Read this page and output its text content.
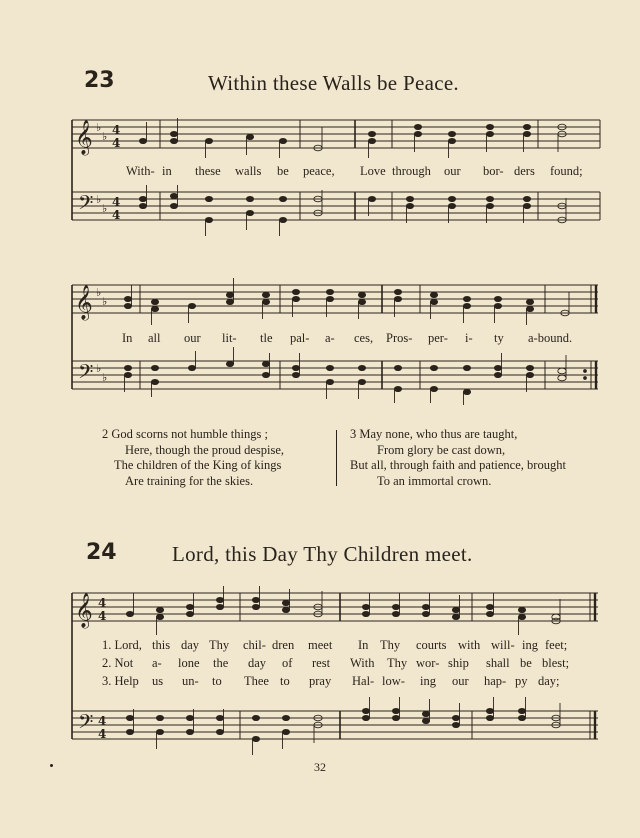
23	Within these Walls be Peace.
𝄞
𝄢
♭
♭
♭
♭
4
4
4
4
With- in these walls be peace, Love through our bor- ders found;
𝄞
𝄢
♭
♭
♭
♭
In all our lit- tle pal- a- ces, Pros- per- i- ty a-bound.
2 God scorns not humble things ;
Here, though the proud despise,
The children of the King of kings
Are training for the skies.
3 May none, who thus are taught,
From glory be cast down,
But all, through faith and patience, brought
To an immortal crown.
24	Lord, this Day Thy Children meet.
𝄞
𝄢
4
4
4
4
1. Lord, this day Thy chil- dren meet In Thy courts with will- ing feet;
2. Not a- lone the day of rest With Thy wor- ship shall be blest;
3. Help us un- to Thee to pray Hal- low- ing our hap- py day;
32
